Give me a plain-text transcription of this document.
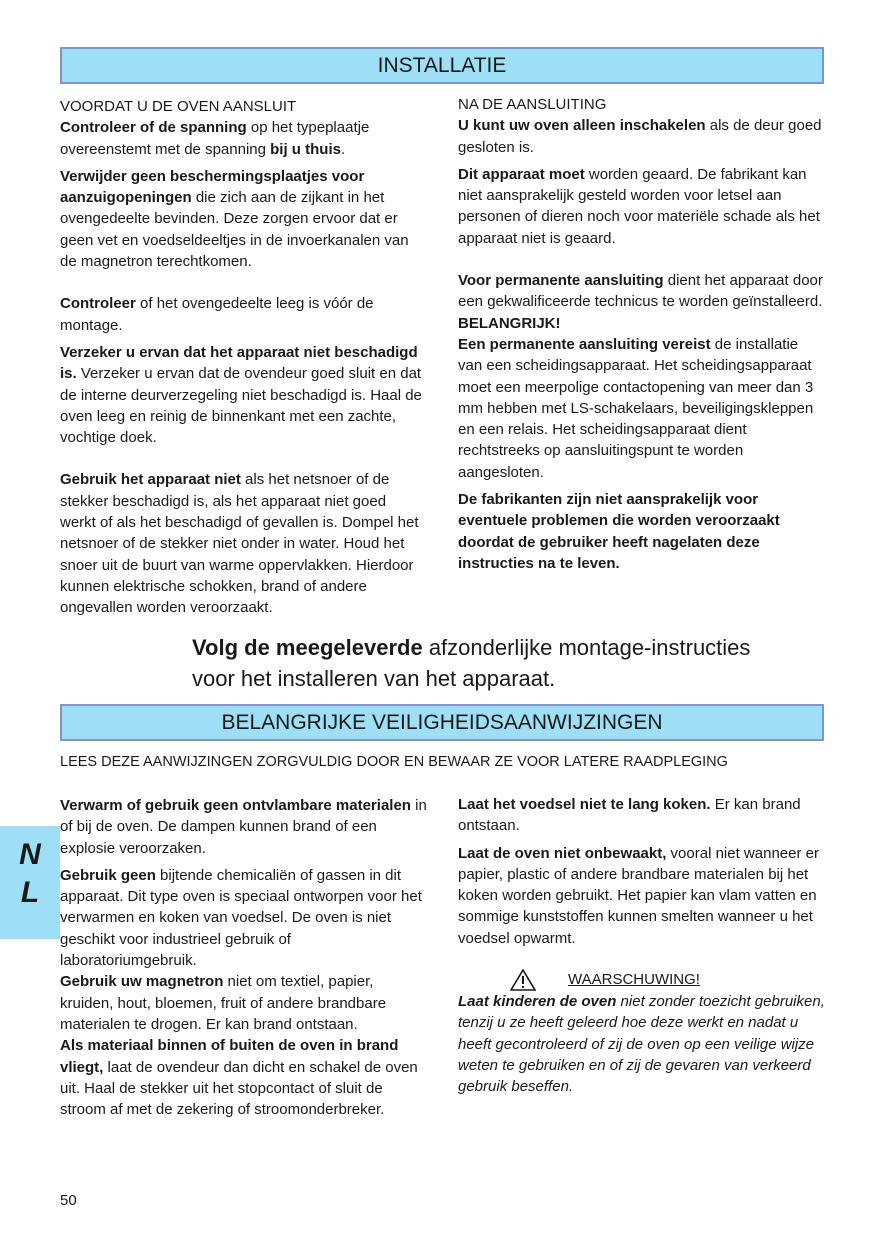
INSTALLATIE

VOORDAT U DE OVEN AANSLUIT

Controleer of de spanning op het typeplaatje overeenstemt met de spanning bij u thuis.

Verwijder geen beschermingsplaatjes voor aanzuigopeningen die zich aan de zijkant in het ovengedeelte bevinden. Deze zorgen ervoor dat er geen vet en voedseldeeltjes in de invoerkanalen van de magnetron terechtkomen.

Controleer of het ovengedeelte leeg is vóór de montage.

Verzeker u ervan dat het apparaat niet beschadigd is. Verzeker u ervan dat de ovendeur goed sluit en dat de interne deurverzegeling niet beschadigd is. Haal de oven leeg en reinig de binnenkant met een zachte, vochtige doek.

Gebruik het apparaat niet als het netsnoer of de stekker beschadigd is, als het apparaat niet goed werkt of als het beschadigd of gevallen is. Dompel het netsnoer of de stekker niet onder in water. Houd het snoer uit de buurt van warme oppervlakken. Hierdoor kunnen elektrische schokken, brand of andere ongevallen worden veroorzaakt.

NA DE AANSLUITING

U kunt uw oven alleen inschakelen als de deur goed gesloten is.

Dit apparaat moet worden geaard. De fabrikant kan niet aansprakelijk gesteld worden voor letsel aan personen of dieren noch voor materiële schade als het apparaat niet is geaard.

Voor permanente aansluiting dient het apparaat door een gekwalificeerde technicus te worden geïnstalleerd.

BELANGRIJK!

Een permanente aansluiting vereist de installatie van een scheidingsapparaat. Het scheidingsapparaat moet een meerpolige contactopening van meer dan 3 mm hebben met LS-schakelaars, beveiligingskleppen en een relais. Het scheidingsapparaat dient rechtstreeks op aansluitingspunt te worden aangesloten.

De fabrikanten zijn niet aansprakelijk voor eventuele problemen die worden veroorzaakt doordat de gebruiker heeft nagelaten deze instructies na te leven.

Volg de meegeleverde afzonderlijke montage-instructies voor het installeren van het apparaat.
BELANGRIJKE VEILIGHEIDSAANWIJZINGEN
LEES DEZE AANWIJZINGEN ZORGVULDIG DOOR EN BEWAAR ZE VOOR LATERE RAADPLEGING
N
L

Verwarm of gebruik geen ontvlambare materialen in of bij de oven. De dampen kunnen brand of een explosie veroorzaken.

Gebruik geen bijtende chemicaliën of gassen in dit apparaat. Dit type oven is speciaal ontworpen voor het verwarmen en koken van voedsel. De oven is niet geschikt voor industrieel gebruik of laboratoriumgebruik.

Gebruik uw magnetron niet om textiel, papier, kruiden, hout, bloemen, fruit of andere brandbare materialen te drogen. Er kan brand ontstaan.

Als materiaal binnen of buiten de oven in brand vliegt, laat de ovendeur dan dicht en schakel de oven uit. Haal de stekker uit het stopcontact of sluit de stroom af met de zekering of stroomonderbreker.

Laat het voedsel niet te lang koken. Er kan brand ontstaan.

Laat de oven niet onbewaakt, vooral niet wanneer er papier, plastic of andere brandbare materialen bij het koken worden gebruikt. Het papier kan vlam vatten en sommige kunststoffen kunnen smelten wanneer u het voedsel opwarmt.

WAARSCHUWING!

Laat kinderen de oven niet zonder toezicht gebruiken, tenzij u ze heeft geleerd hoe deze werkt en nadat u heeft gecontroleerd of zij de oven op een veilige wijze weten te gebruiken en of zij de gevaren van verkeerd gebruik beseffen.

50
